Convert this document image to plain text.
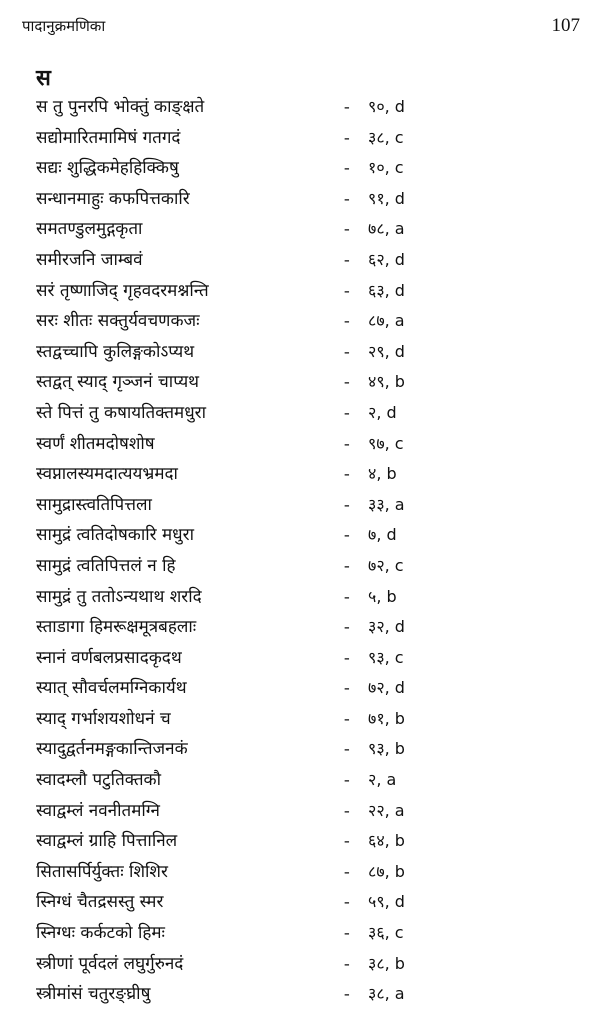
पादानुक्रमणिका	107
स
स तु पुनरपि भोक्तुं काङ्क्षते	- ९०, d
सद्योमारितमामिषं गतगदं	- ३८, c
सद्यः शुद्धिकमेहहिक्किषु	- १०, c
सन्धानमाहुः कफपित्तकारि	- ९१, d
समतण्डुलमुद्गकृता	- ७८, a
समीरजनि जाम्बवं	- ६२, d
सरं तृष्णाजिद् गृहवदरमश्नन्ति	- ६३, d
सरः शीतः सक्तुर्यवचणकजः	- ८७, a
स्तद्वच्चापि कुलिङ्गकोऽप्यथ	- २९, d
स्तद्वत् स्याद् गृञ्जनं चाप्यथ	- ४९, b
स्ते पित्तं तु कषायतिक्तमधुरा	- २, d
स्वर्णं शीतमदोषशोष	- ९७, c
स्वप्नालस्यमदात्ययभ्रमदा	- ४, b
सामुद्रास्त्वतिपित्तला	- ३३, a
सामुद्रं त्वतिदोषकारि मधुरा	- ७, d
सामुद्रं त्वतिपित्तलं न हि	- ७२, c
सामुद्रं तु ततोऽन्यथाथ शरदि	- ५, b
स्ताडागा हिमरूक्षमूत्रबहलाः	- ३२, d
स्नानं वर्णबलप्रसादकृदथ	- ९३, c
स्यात् सौवर्चलमग्निकार्यथ	- ७२, d
स्याद् गर्भाशयशोधनं च	- ७१, b
स्यादुद्वर्तनमङ्गकान्तिजनकं	- ९३, b
स्वादम्लौ पटुतिक्तकौ	- २, a
स्वाद्वम्लं नवनीतमग्नि	- २२, a
स्वाद्वम्लं ग्राहि पित्तानिल	- ६४, b
सितासर्पिर्युक्तः शिशिर	- ८७, b
स्निग्धं चैतद्रसस्तु स्मर	- ५९, d
स्निग्धः कर्कटको हिमः	- ३६, c
स्त्रीणां पूर्वदलं लघुर्गुरुनदं	- ३८, b
स्त्रीमांसं चतुरङ्घ्रीषु	- ३८, a
